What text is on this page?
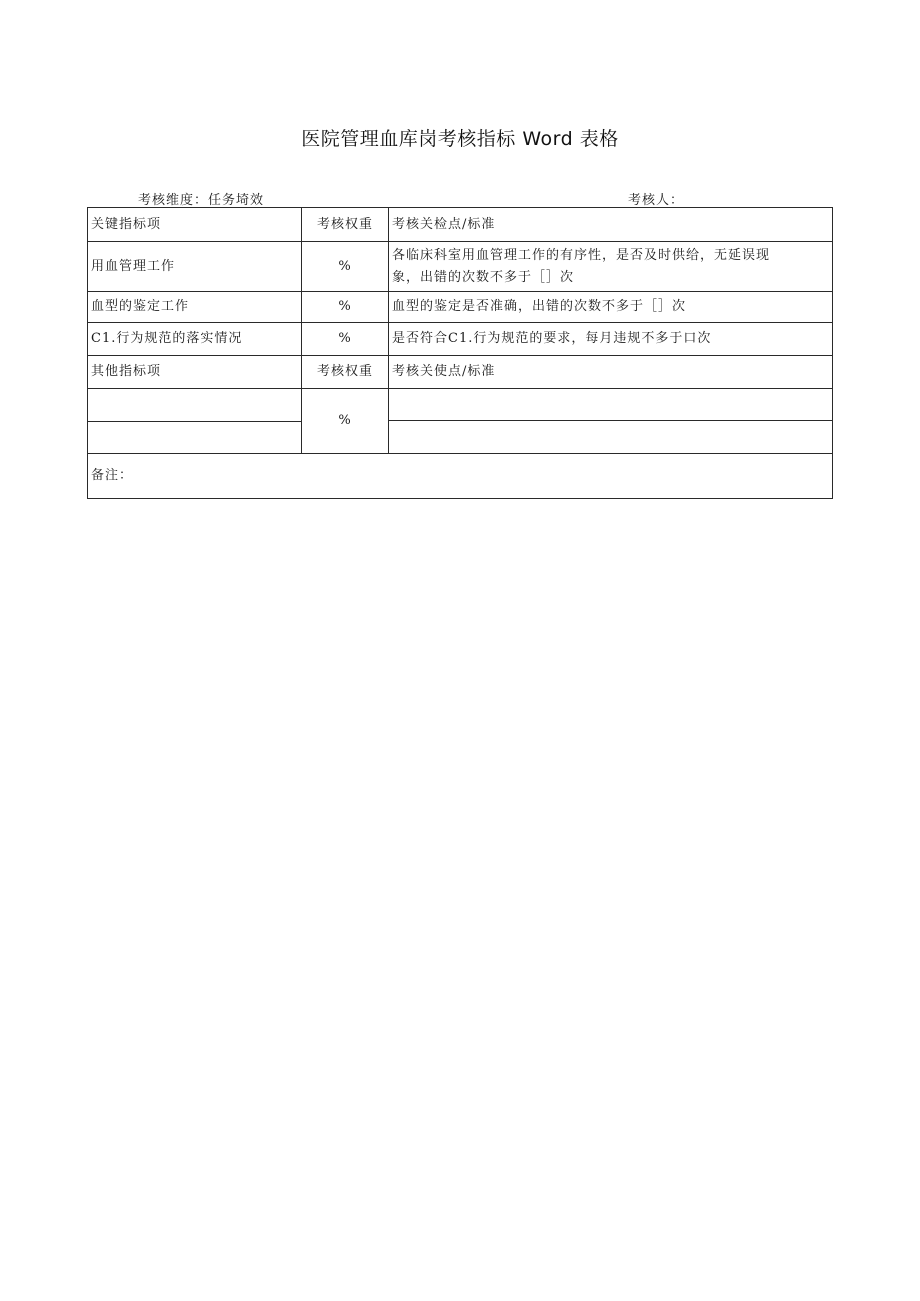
医院管理血库岗考核指标 Word 表格
考核维度：任务埼效	考核人：
关键指标项	考核权重	考核关检点/标准
用血管理工作	%	各临床科室用血管理工作的有序性，是否及时供给，无延误现
象，出错的次数不多于［］次

血型的鉴定工作	%	血型的鉴定是否准确，出错的次数不多于［］次
C1.行为规范的落实情况	%	是否符合C1.行为规范的要求，每月违规不多于口次
其他指标项	考核权重	考核关使点/标准
	%	

备注：		
